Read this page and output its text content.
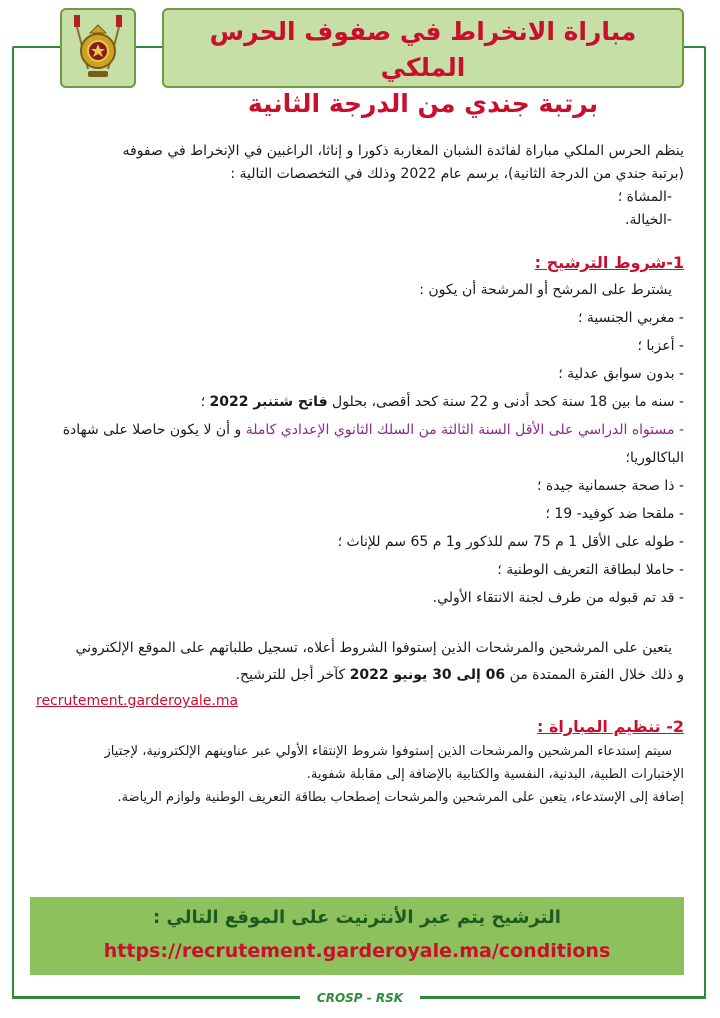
مباراة الانخراط في صفوف الحرس الملكي
برتبة جندي من الدرجة الثانية

ينظم الحرس الملكي مباراة لفائدة الشبان المغاربة ذكورا و إناثا، الراغبين في الإنخراط في صفوفه

(برتبة جندي من الدرجة الثانية)، برسم عام 2022 وذلك في التخصصات التالية :

-المشاة ؛

-الخيالة.

1-شروط الترشيح :

يشترط على المرشح أو المرشحة أن يكون :

- مغربي الجنسية ؛

- أعزبا ؛

- بدون سوابق عدلية ؛

- سنه ما بين 18 سنة كحد أدنى و 22 سنة كحد أقصى، بحلول فاتح شتنبر 2022 ؛

- مستواه الدراسي على الأقل السنة الثالثة من السلك الثانوي الإعدادي كاملة و أن لا يكون حاصلا على شهادة

الباكالوريا؛

- ذا صحة جسمانية جيدة ؛

- ملقحا ضد كوفيد- 19 ؛

- طوله على الأقل 1 م 75 سم للذكور و1 م 65 سم للإناث ؛

- حاملا لبطاقة التعريف الوطنية ؛

- قد تم قبوله من طرف لجنة الانتقاء الأولي.

يتعين على المرشحين والمرشحات الذين إستوفوا الشروط أعلاه، تسجيل طلباتهم على الموقع الإلكتروني

و ذلك خلال الفترة الممتدة من 06 إلى 30 يونيو 2022 كآخر أجل للترشيح.
recrutement.garderoyale.ma

2- تنظيم المباراة :

سيتم إستدعاء المرشحين والمرشحات الذين إستوفوا شروط الإنتقاء الأولي عبر عناوينهم الإلكترونية، لإجتياز

الإختبارات الطبية، البدنية، النفسية والكتابية بالإضافة إلى مقابلة شفوية.

إضافة إلى الإستدعاء، يتعين على المرشحين والمرشحات إصطحاب بطاقة التعريف الوطنية ولوازم الرياضة.

الترشيح يتم عبر الأنترنيت على الموقع التالي :
https://recrutement.garderoyale.ma/conditions
CROSP - RSK
